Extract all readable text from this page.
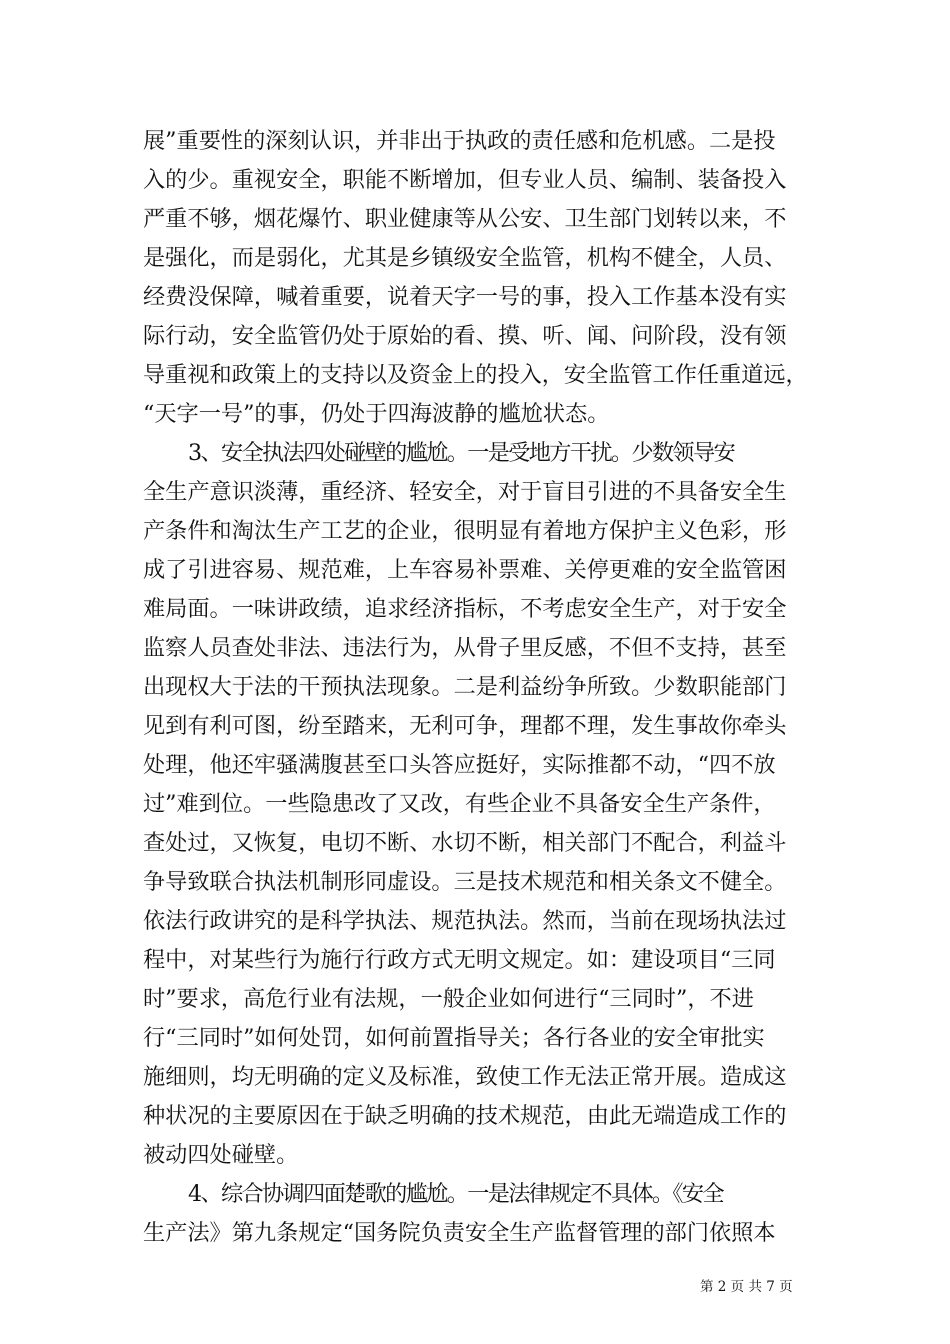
展”重要性的深刻认识，并非出于执政的责任感和危机感。二是投
入的少。重视安全，职能不断增加，但专业人员、编制、装备投入
严重不够，烟花爆竹、职业健康等从公安、卫生部门划转以来，不
是强化，而是弱化，尤其是乡镇级安全监管，机构不健全，人员、
经费没保障，喊着重要，说着天字一号的事，投入工作基本没有实
际行动，安全监管仍处于原始的看、摸、听、闻、问阶段，没有领
导重视和政策上的支持以及资金上的投入，安全监管工作任重道远，
“天字一号”的事，仍处于四海波静的尴尬状态。
3、安全执法四处碰壁的尴尬。一是受地方干扰。少数领导安
全生产意识淡薄，重经济、轻安全，对于盲目引进的不具备安全生
产条件和淘汰生产工艺的企业，很明显有着地方保护主义色彩，形
成了引进容易、规范难，上车容易补票难、关停更难的安全监管困
难局面。一味讲政绩，追求经济指标，不考虑安全生产，对于安全
监察人员查处非法、违法行为，从骨子里反感，不但不支持，甚至
出现权大于法的干预执法现象。二是利益纷争所致。少数职能部门
见到有利可图，纷至踏来，无利可争，理都不理，发生事故你牵头
处理，他还牢骚满腹甚至口头答应挺好，实际推都不动，“四不放
过”难到位。一些隐患改了又改，有些企业不具备安全生产条件，
查处过，又恢复，电切不断、水切不断，相关部门不配合，利益斗
争导致联合执法机制形同虚设。三是技术规范和相关条文不健全。
依法行政讲究的是科学执法、规范执法。然而，当前在现场执法过
程中，对某些行为施行行政方式无明文规定。如：建设项目“三同
时”要求，高危行业有法规，一般企业如何进行“三同时”，不进
行“三同时”如何处罚，如何前置指导关；各行各业的安全审批实
施细则，均无明确的定义及标准，致使工作无法正常开展。造成这
种状况的主要原因在于缺乏明确的技术规范，由此无端造成工作的
被动四处碰壁。
4、综合协调四面楚歌的尴尬。一是法律规定不具体。《安全
生产法》第九条规定“国务院负责安全生产监督管理的部门依照本
第 2 页 共 7 页
